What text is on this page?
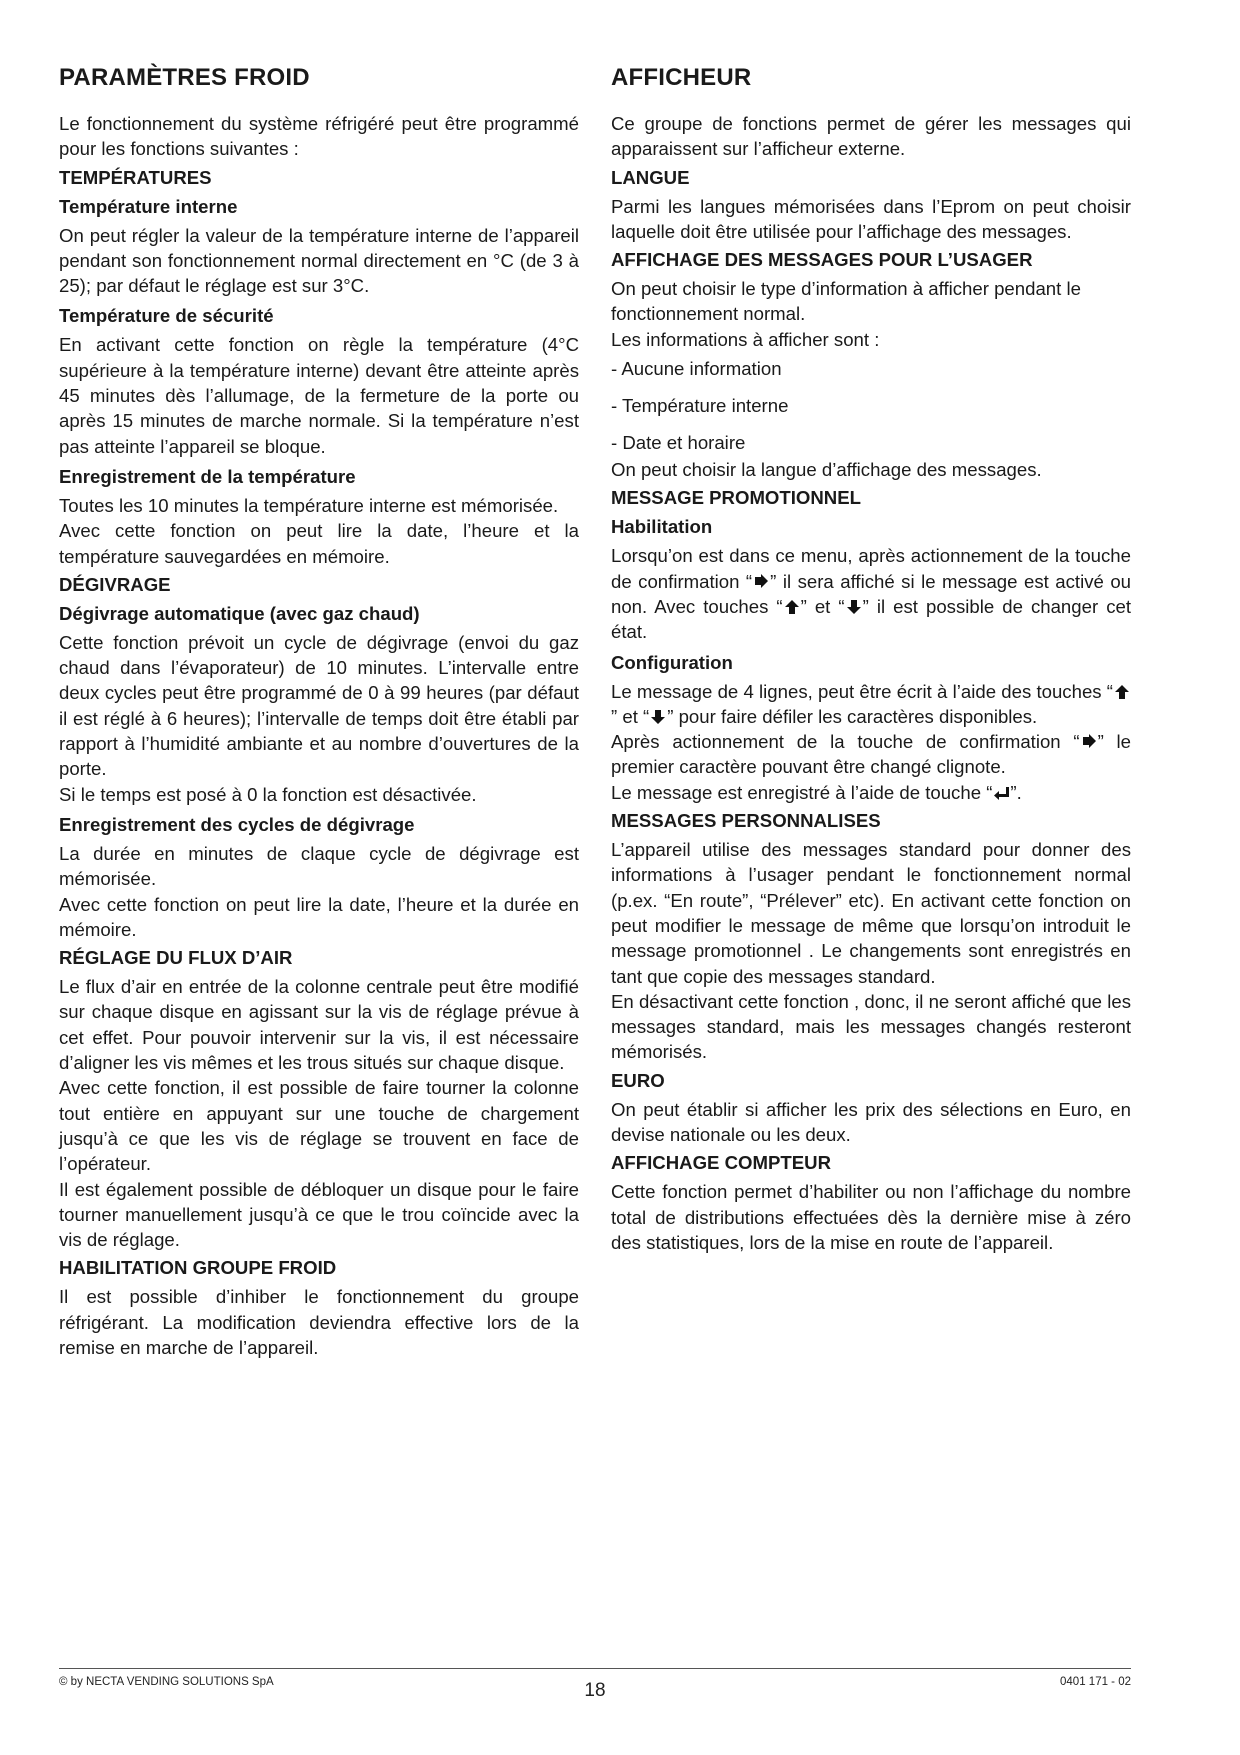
PARAMÈTRES FROID

Le fonctionnement du système réfrigéré peut être programmé pour les fonctions suivantes :

TEMPÉRATURES
Température interne

On peut régler la valeur de la température interne de l’appareil pendant son fonctionnement normal directement en °C (de 3 à 25); par défaut le réglage est sur 3°C.

Température de sécurité

En activant cette fonction on règle la température (4°C supérieure à la température interne) devant être atteinte après 45 minutes dès l’allumage, de la fermeture de la porte ou après 15 minutes de marche normale. Si la température n’est pas atteinte l’appareil se bloque.

Enregistrement de la température

Toutes les 10 minutes la température interne est mémorisée.

Avec cette fonction on peut lire la date, l’heure et la température sauvegardées en mémoire.

DÉGIVRAGE
Dégivrage automatique (avec gaz chaud)

Cette fonction prévoit un cycle de dégivrage (envoi du gaz chaud dans l’évaporateur) de 10 minutes. L’intervalle entre deux cycles peut être programmé de 0 à 99 heures (par défaut il est réglé à 6 heures); l’intervalle de temps doit être établi par rapport à l’humidité ambiante et au nombre d’ouvertures de la porte.

Si le temps est posé à 0 la fonction est désactivée.

Enregistrement des cycles de dégivrage

La durée en minutes de claque cycle de dégivrage est mémorisée.

Avec cette fonction on peut lire la date, l’heure et la durée en mémoire.

RÉGLAGE DU FLUX D’AIR

Le flux d’air en entrée de la colonne centrale peut être modifié sur chaque disque en agissant sur la vis de réglage prévue à cet effet. Pour pouvoir intervenir sur la vis, il est nécessaire d’aligner les vis mêmes et les trous situés sur chaque disque.

Avec cette fonction, il est possible de faire tourner la colonne tout entière en appuyant sur une touche de chargement jusqu’à ce que les vis de réglage se trouvent en face de l’opérateur.

Il est également possible de débloquer un disque pour le faire tourner manuellement jusqu’à ce que le trou coïncide avec la vis de réglage.

HABILITATION GROUPE FROID

Il est possible d’inhiber le fonctionnement du groupe réfrigérant. La modification deviendra effective lors de la remise en marche de l’appareil.

AFFICHEUR

Ce groupe de fonctions permet de gérer les messages qui apparaissent sur l’afficheur externe.

LANGUE

Parmi les langues mémorisées dans l’Eprom on peut choisir laquelle doit être utilisée pour l’affichage des messages.

AFFICHAGE DES MESSAGES POUR L’USAGER

On peut choisir le type d’information à afficher pendant le fonctionnement normal.

Les informations à afficher sont :

- Aucune information
- Température interne
- Date et horaire

On peut choisir la langue d’affichage des messages.

MESSAGE PROMOTIONNEL
Habilitation

Lorsqu’on est dans ce menu, après actionnement de la touche de confirmation “ ” il sera affiché si le message est activé ou non. Avec touches “ ” et “ ” il est possible de changer cet état.

Configuration

Le message de 4 lignes, peut être écrit à l’aide des touches “” et “ ” pour faire défiler les caractères disponibles.

Après actionnement de la touche de confirmation “ ” le premier caractère pouvant être changé clignote.

Le message est enregistré à l’aide de touche “ ”.

MESSAGES PERSONNALISES

L’appareil utilise des messages standard pour donner des informations à l’usager pendant le fonctionnement normal (p.ex. “En route”, “Prélever” etc). En activant cette fonction on peut modifier le message de même que lorsqu’on introduit le message promotionnel . Le changements sont enregistrés en tant que copie des messages standard.

En désactivant cette fonction , donc, il ne seront affiché que les messages standard, mais les messages changés resteront mémorisés.

EURO

On peut établir si afficher les prix des sélections en Euro, en devise nationale ou les deux.

AFFICHAGE COMPTEUR

Cette fonction permet d’habiliter ou non l’affichage du nombre total de distributions effectuées dès la dernière mise à zéro des statistiques, lors de la mise en route de l’appareil.

© by NECTA VENDING SOLUTIONS SpA	18	0401 171 - 02
